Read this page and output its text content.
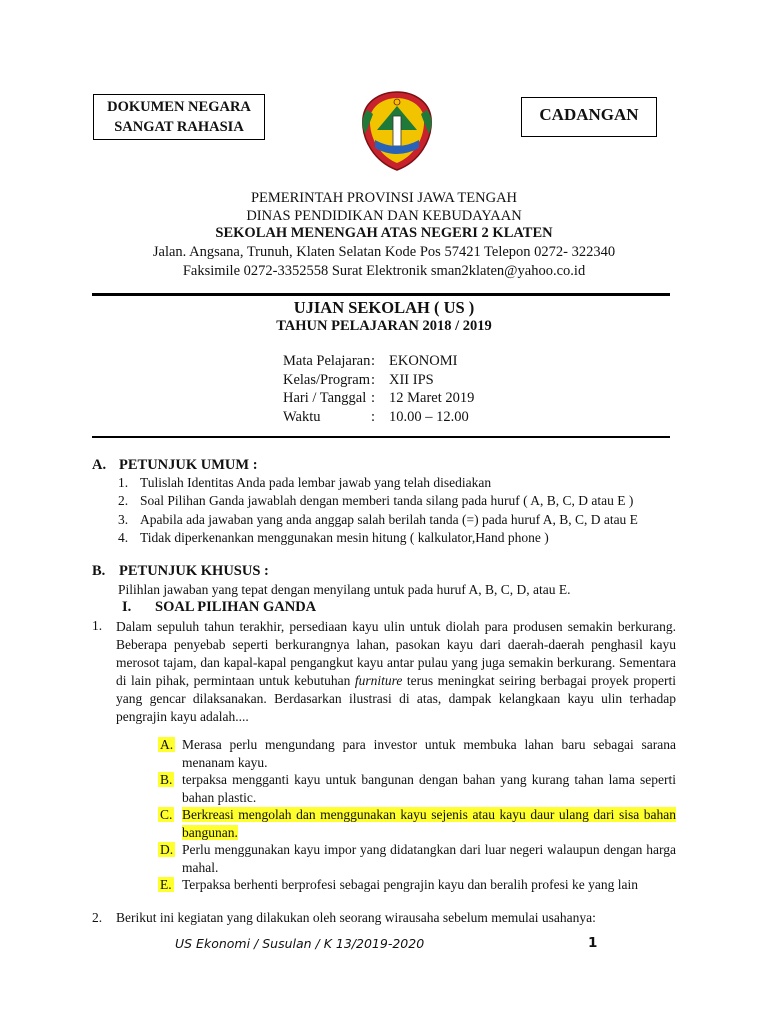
DOKUMEN NEGARA
SANGAT RAHASIA
CADANGAN
PEMERINTAH PROVINSI JAWA TENGAH
DINAS PENDIDIKAN DAN KEBUDAYAAN
SEKOLAH MENENGAH ATAS NEGERI 2 KLATEN
Jalan. Angsana, Trunuh, Klaten Selatan Kode Pos 57421 Telepon 0272- 322340
Faksimile 0272-3352558 Surat Elektronik sman2klaten@yahoo.co.id
UJIAN SEKOLAH ( US )
TAHUN PELAJARAN 2018 / 2019
Mata Pelajaran : EKONOMI
Kelas/Program : XII IPS
Hari / Tanggal : 12 Maret 2019
Waktu	: 10.00 – 12.00
A. PETUNJUK UMUM :
1. Tulislah Identitas Anda pada lembar jawab yang telah disediakan
2. Soal Pilihan Ganda jawablah dengan memberi tanda silang pada huruf ( A, B, C, D atau E )
3. Apabila ada jawaban yang anda anggap salah berilah tanda (=) pada huruf A, B, C, D atau E
4. Tidak diperkenankan menggunakan mesin hitung ( kalkulator,Hand phone )
B. PETUNJUK KHUSUS :
Pilihlan jawaban yang tepat dengan menyilang untuk pada huruf A, B, C, D, atau E.
I. SOAL PILIHAN GANDA
1. Dalam sepuluh tahun terakhir, persediaan kayu ulin untuk diolah para produsen semakin berkurang. Beberapa penyebab seperti berkurangnya lahan, pasokan kayu dari daerah-daerah penghasil kayu merosot tajam, dan kapal-kapal pengangkut kayu antar pulau yang juga semakin berkurang. Sementara di lain pihak, permintaan untuk kebutuhan furniture terus meningkat seiring berbagai proyek properti yang gencar dilaksanakan. Berdasarkan ilustrasi di atas, dampak kelangkaan kayu ulin terhadap pengrajin kayu adalah....
A. Merasa perlu mengundang para investor untuk membuka lahan baru sebagai sarana menanam kayu.
B. terpaksa mengganti kayu untuk bangunan dengan bahan yang kurang tahan lama seperti bahan plastic.
C. Berkreasi mengolah dan menggunakan kayu sejenis atau kayu daur ulang dari sisa bahan bangunan.
D. Perlu menggunakan kayu impor yang didatangkan dari luar negeri walaupun dengan harga mahal.
E. Terpaksa berhenti berprofesi sebagai pengrajin kayu dan beralih profesi ke yang lain
2. Berikut ini kegiatan yang dilakukan oleh seorang wirausaha sebelum memulai usahanya:
US Ekonomi / Susulan / K 13/2019-2020	1
